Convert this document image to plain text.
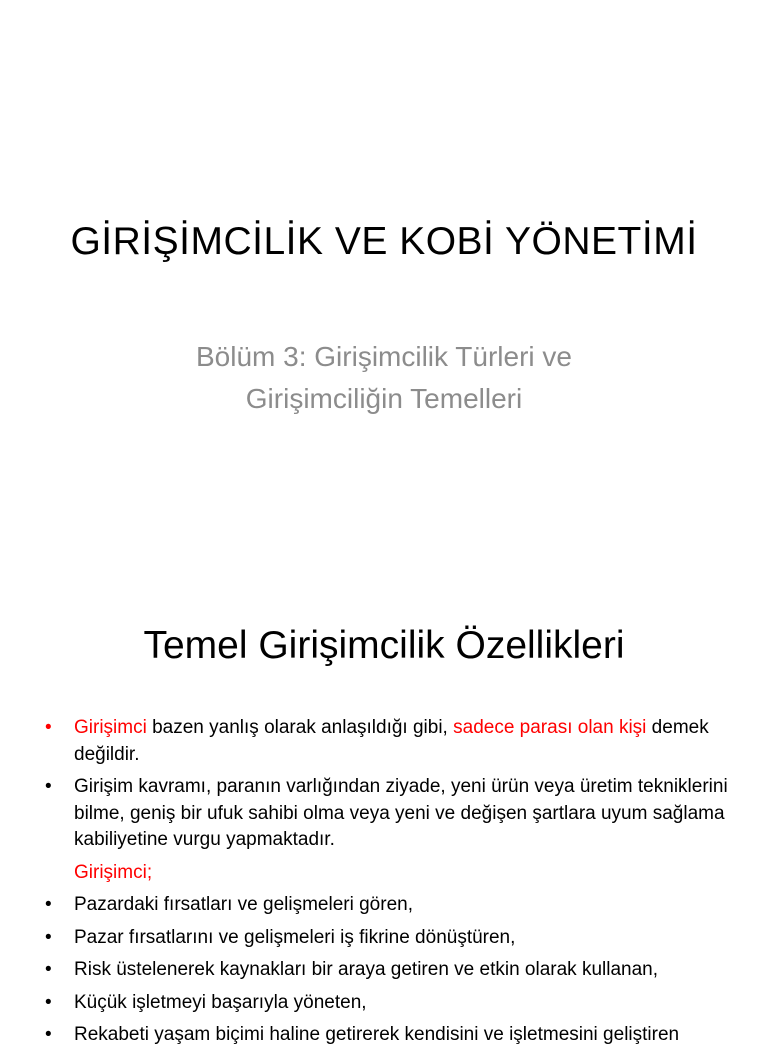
GİRİŞİMCİLİK VE KOBİ YÖNETİMİ
Bölüm 3: Girişimcilik Türleri ve
Girişimciliğin Temelleri
Temel Girişimcilik Özellikleri
• Girişimci bazen yanlış olarak anlaşıldığı gibi, sadece parası olan kişi demek değildir.
• Girişim kavramı, paranın varlığından ziyade, yeni ürün veya üretim tekniklerini bilme, geniş bir ufuk sahibi olma veya yeni ve değişen şartlara uyum sağlama kabiliyetine vurgu yapmaktadır.
Girişimci;
• Pazardaki fırsatları ve gelişmeleri gören,
• Pazar fırsatlarını ve gelişmeleri iş fikrine dönüştüren,
• Risk üstelenerek kaynakları bir araya getiren ve etkin olarak kullanan,
• Küçük işletmeyi başarıyla yöneten,
• Rekabeti yaşam biçimi haline getirerek kendisini ve işletmesini geliştiren
